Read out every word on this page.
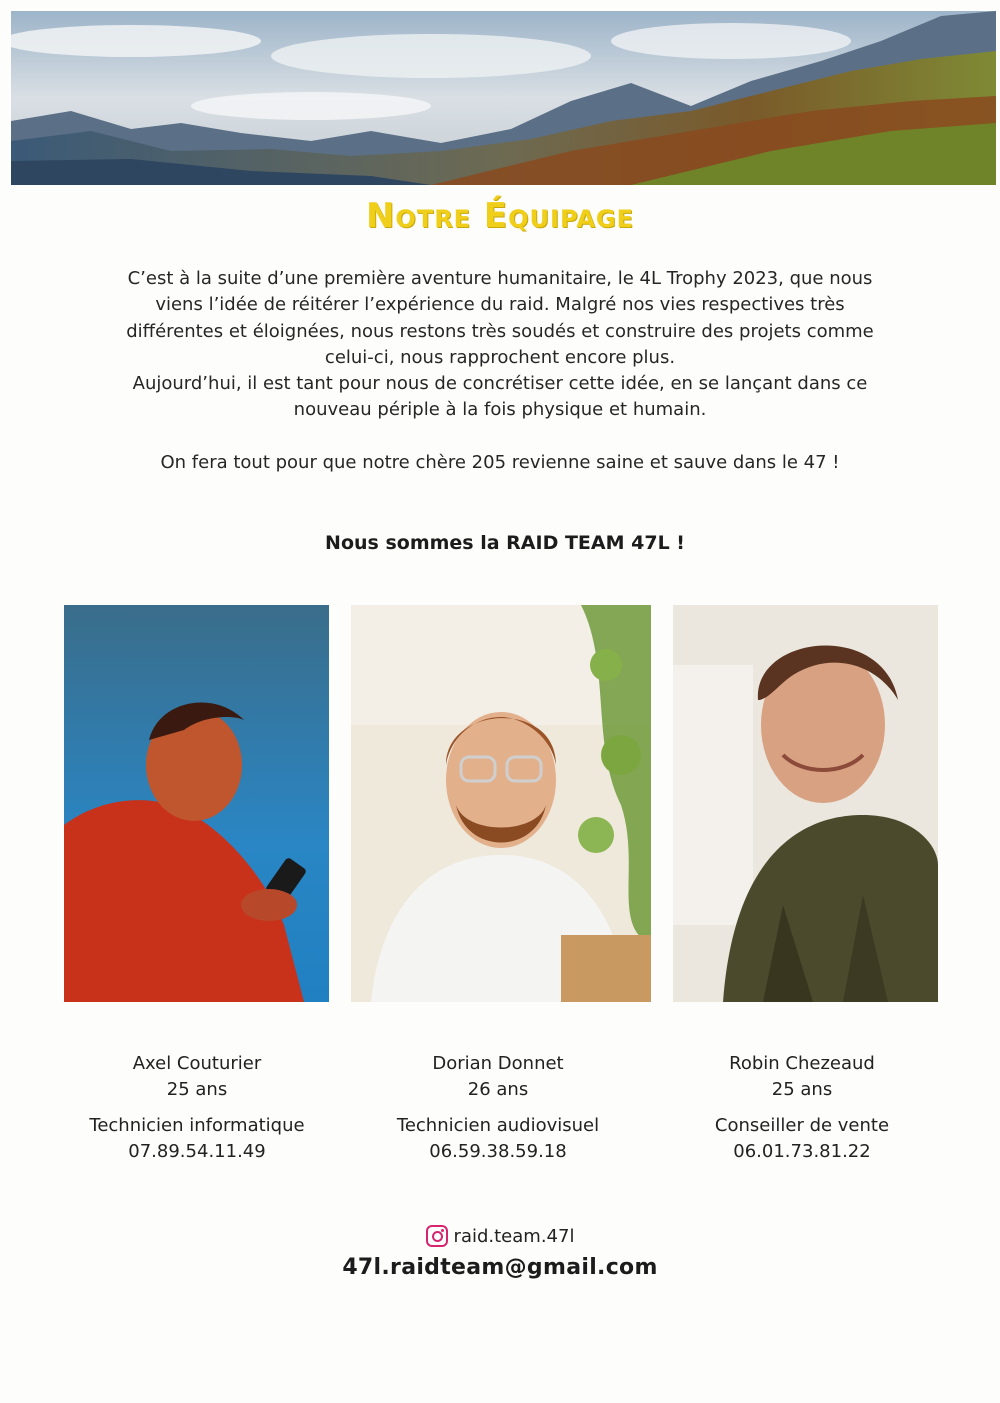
Notre Équipage

C’est à la suite d’une première aventure humanitaire, le 4L Trophy 2023, que nous

viens l’idée de réitérer l’expérience du raid. Malgré nos vies respectives très

différentes et éloignées, nous restons très soudés et construire des projets comme

celui-ci, nous rapprochent encore plus.

Aujourd’hui, il est tant pour nous de concrétiser cette idée, en se lançant dans ce

nouveau périple à la fois physique et humain.

On fera tout pour que notre chère 205 revienne saine et sauve dans le 47 !

Nous sommes la RAID TEAM 47L !
Axel Couturier
25 ans
Technicien informatique
07.89.54.11.49
Dorian Donnet
26 ans
Technicien audiovisuel
06.59.38.59.18
Robin Chezeaud
25 ans
Conseiller de vente
06.01.73.81.22
raid.team.47l
47l.raidteam@gmail.com
